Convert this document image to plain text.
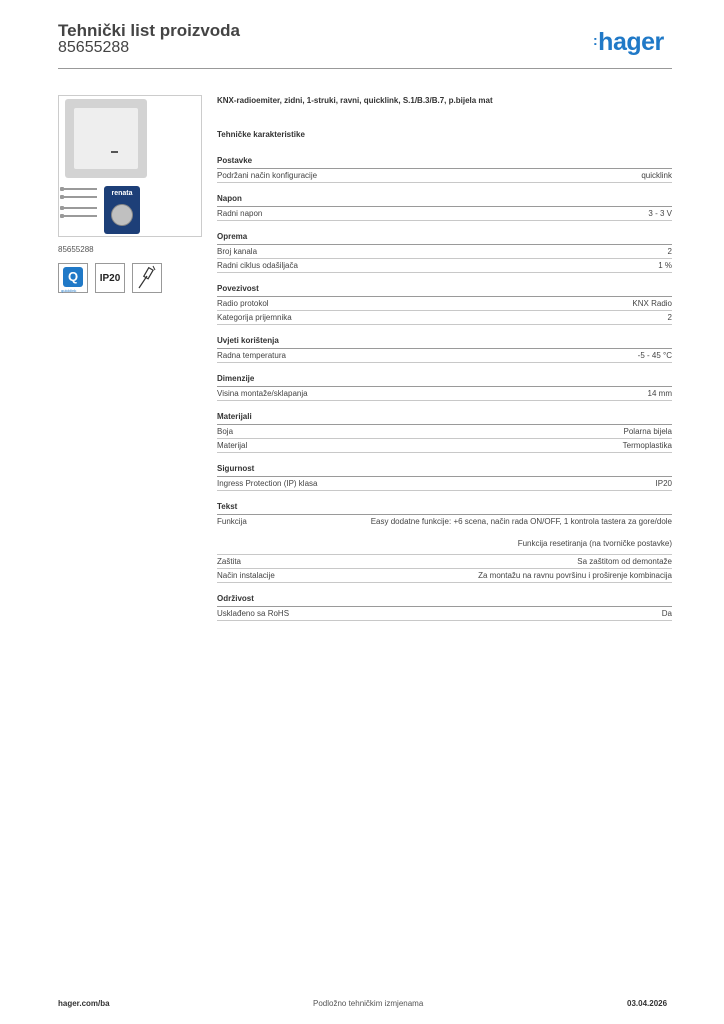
Tehnički list proizvoda
85655288	: hager
renata
85655288
Q
quicklink
IP20
KNX-radioemiter, zidni, 1-struki, ravni, quicklink, S.1/B.3/B.7, p.bijela mat
Tehničke karakteristike
Postavke
Podržani način konfiguracije	quicklink
Napon
Radni napon	3 - 3 V
Oprema
Broj kanala	2
Radni ciklus odašiljača	1 %
Povezivost
Radio protokol	KNX Radio
Kategorija prijemnika	2
Uvjeti korištenja
Radna temperatura	-5 - 45 °C
Dimenzije
Visina montaže/sklapanja	14 mm
Materijali
Boja	Polarna bijela
Materijal	Termoplastika
Sigurnost
Ingress Protection (IP) klasa	IP20
Tekst
Funkcija	Easy dodatne funkcije: +6 scena, način rada ON/OFF, 1 kontrola tastera za gore/dole
Funkcija resetiranja (na tvorničke postavke)
Zaštita	Sa zaštitom od demontaže
Način instalacije	Za montažu na ravnu površinu i proširenje kombinacija
Održivost
Usklađeno sa RoHS	Da
hager.com/ba	Podložno tehničkim izmjenama	03.04.2026
